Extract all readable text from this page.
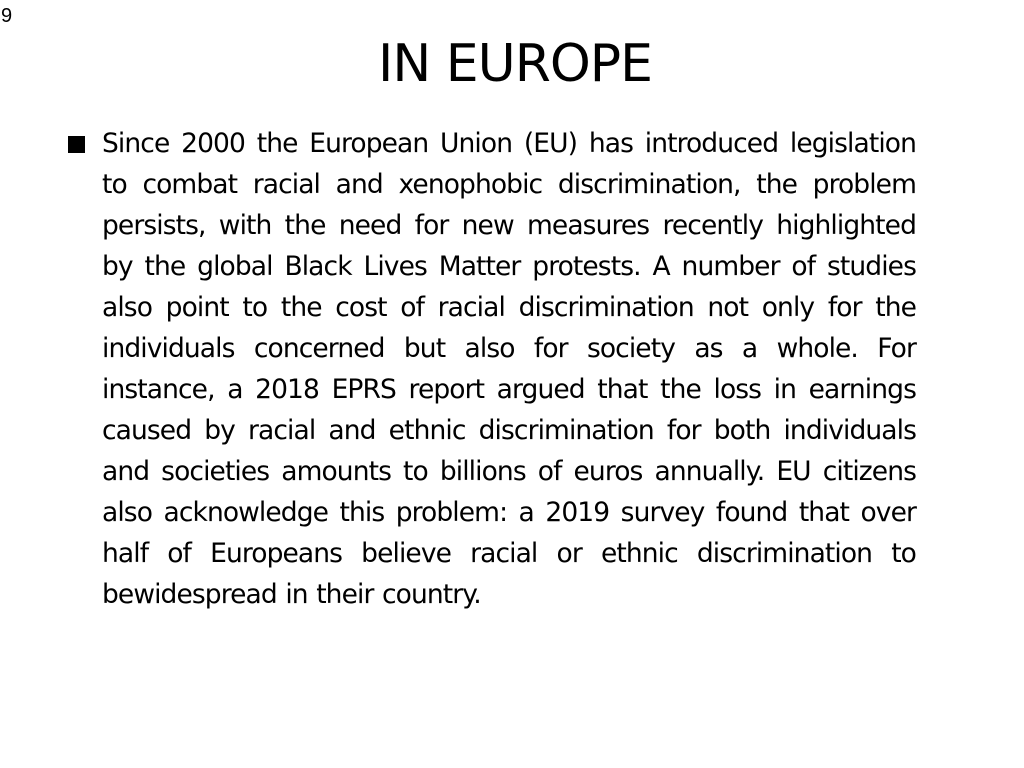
9
IN EUROPE
Since 2000 the European Union (EU) has introduced legislation to combat racial and xenophobic discrimination, the problem persists, with the need for new measures recently highlighted by the global Black Lives Matter protests. A number of studies also point to the cost of racial discrimination not only for the individuals concerned but also for society as a whole. For instance, a 2018 EPRS report argued that the loss in earnings caused by racial and ethnic discrimination for both individuals and societies amounts to billions of euros annually. EU citizens also acknowledge this problem: a 2019 survey found that over half of Europeans believe racial or ethnic discrimination to bewidespread in their country.
